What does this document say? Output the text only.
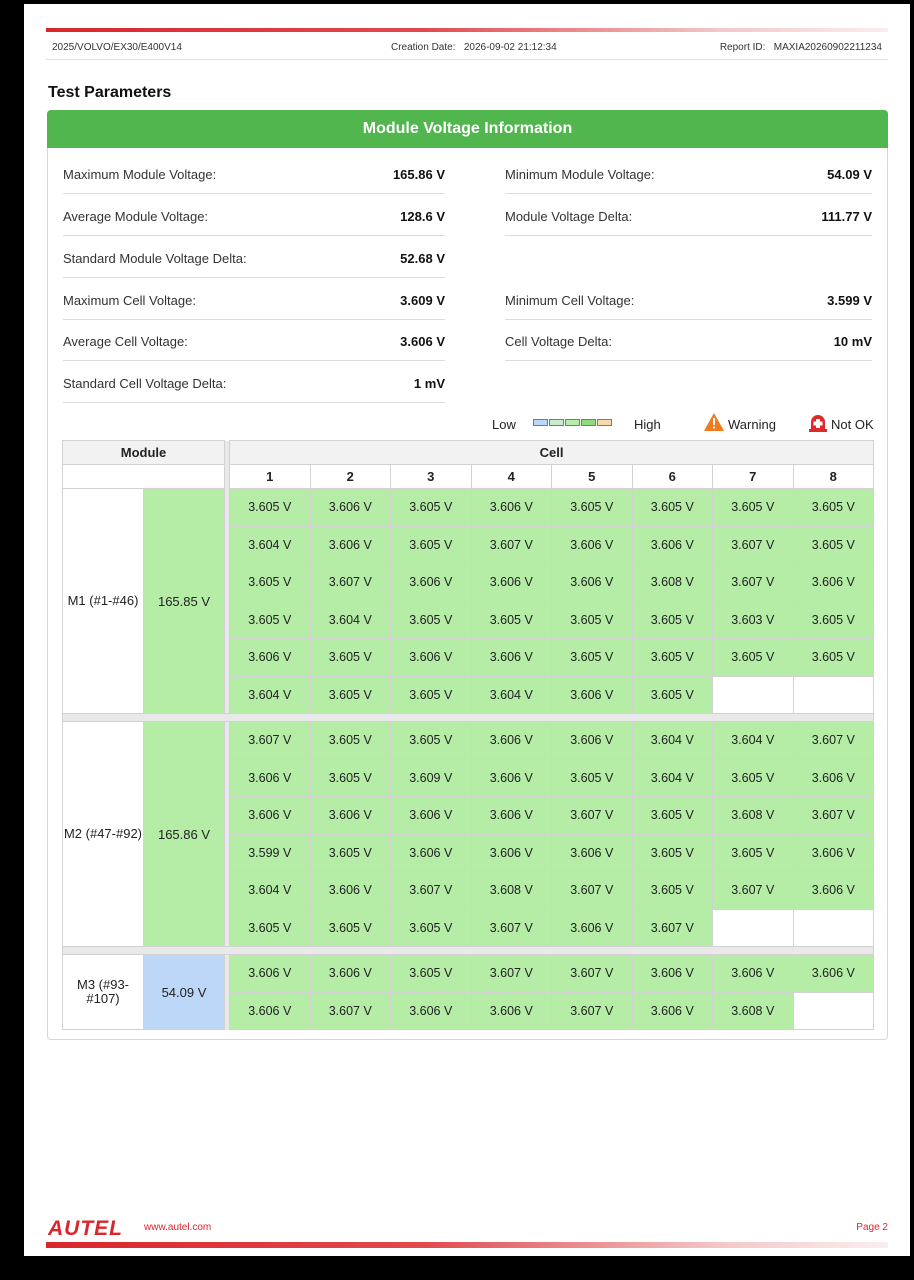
2025/VOLVO/EX30/E400V14	Creation Date: 2026-09-02 21:12:34	Report ID: MAXIA20260902211234
Test Parameters
Module Voltage Information
Maximum Module Voltage:	165.86 V	Minimum Module Voltage:	54.09 V
Average Module Voltage:	128.6 V	Module Voltage Delta:	111.77 V
Standard Module Voltage Delta:	52.68 V
Maximum Cell Voltage:	3.609 V	Minimum Cell Voltage:	3.599 V
Average Cell Voltage:	3.606 V	Cell Voltage Delta:	10 mV
Standard Cell Voltage Delta:	1 mV
Low	High	Warning	Not OK
Module			Cell							
			1	2	3	4	5	6	7	8
M1 (#1-#46)	165.85 V		3.605 V	3.606 V	3.605 V	3.606 V	3.605 V	3.605 V	3.605 V	3.605 V
			3.604 V	3.606 V	3.605 V	3.607 V	3.606 V	3.606 V	3.607 V	3.605 V
			3.605 V	3.607 V	3.606 V	3.606 V	3.606 V	3.608 V	3.607 V	3.606 V
			3.605 V	3.604 V	3.605 V	3.605 V	3.605 V	3.605 V	3.603 V	3.605 V
			3.606 V	3.605 V	3.606 V	3.606 V	3.605 V	3.605 V	3.605 V	3.605 V
			3.604 V	3.605 V	3.605 V	3.604 V	3.606 V	3.605 V		

M2 (#47-#92)	165.86 V		3.607 V	3.605 V	3.605 V	3.606 V	3.606 V	3.604 V	3.604 V	3.607 V
			3.606 V	3.605 V	3.609 V	3.606 V	3.605 V	3.604 V	3.605 V	3.606 V
			3.606 V	3.606 V	3.606 V	3.606 V	3.607 V	3.605 V	3.608 V	3.607 V
			3.599 V	3.605 V	3.606 V	3.606 V	3.606 V	3.605 V	3.605 V	3.606 V
			3.604 V	3.606 V	3.607 V	3.608 V	3.607 V	3.605 V	3.607 V	3.606 V
			3.605 V	3.605 V	3.605 V	3.607 V	3.606 V	3.607 V		

M3 (#93-#107)	54.09 V		3.606 V	3.606 V	3.605 V	3.607 V	3.607 V	3.606 V	3.606 V	3.606 V
			3.606 V	3.607 V	3.606 V	3.606 V	3.607 V	3.606 V	3.608 V	
AUTEL www.autel.com	Page 2
